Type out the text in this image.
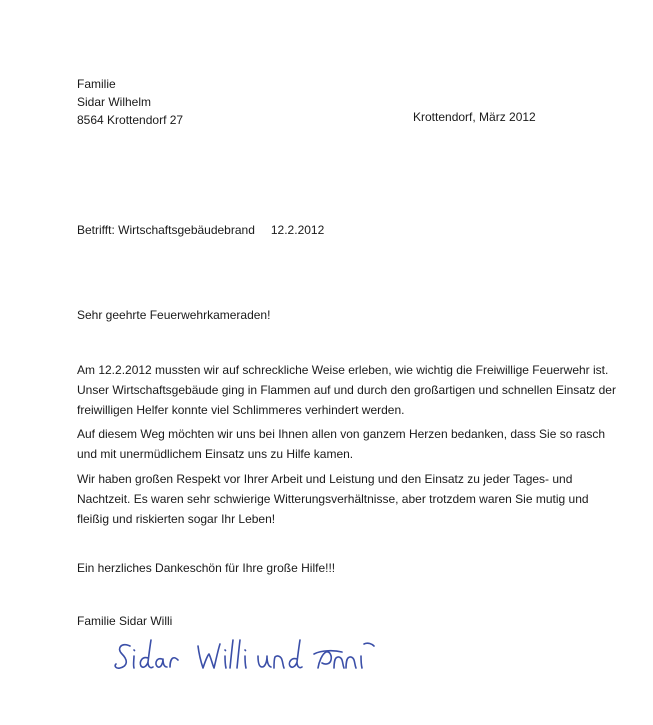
Familie
Sidar Wilhelm
8564 Krottendorf 27	Krottendorf, März 2012
Betrifft: Wirtschaftsgebäudebrand 12.2.2012
Sehr geehrte Feuerwehrkameraden!
Am 12.2.2012 mussten wir auf schreckliche Weise erleben, wie wichtig die Freiwillige Feuerwehr ist.
Unser Wirtschaftsgebäude ging in Flammen auf und durch den großartigen und schnellen Einsatz der
freiwilligen Helfer konnte viel Schlimmeres verhindert werden.
Auf diesem Weg möchten wir uns bei Ihnen allen von ganzem Herzen bedanken, dass Sie so rasch
und mit unermüdlichem Einsatz uns zu Hilfe kamen.
Wir haben großen Respekt vor Ihrer Arbeit und Leistung und den Einsatz zu jeder Tages- und
Nachtzeit. Es waren sehr schwierige Witterungsverhältnisse, aber trotzdem waren Sie mutig und
fleißig und riskierten sogar Ihr Leben!
Ein herzliches Dankeschön für Ihre große Hilfe!!!
Familie Sidar Willi
